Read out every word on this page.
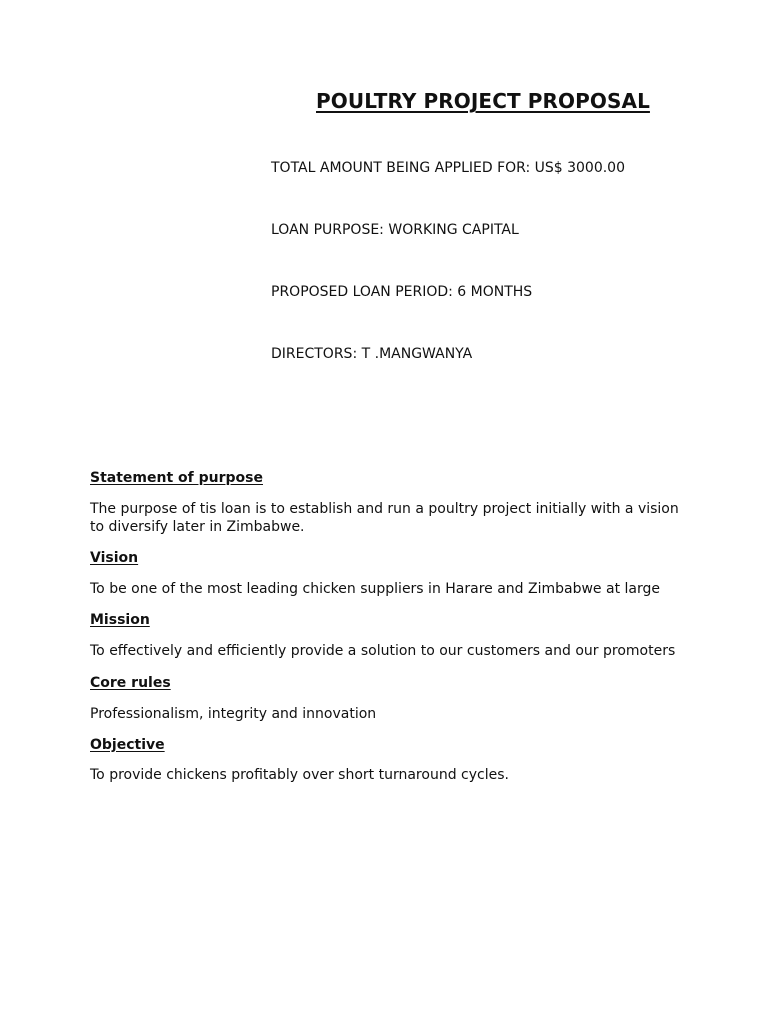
POULTRY PROJECT PROPOSAL

TOTAL AMOUNT BEING APPLIED FOR: US$ 3000.00

LOAN PURPOSE: WORKING CAPITAL

PROPOSED LOAN PERIOD: 6 MONTHS

DIRECTORS: T .MANGWANYA

Statement of purpose

The purpose of tis loan is to establish and run a poultry project initially with a vision

to diversify later in Zimbabwe.

Vision

To be one of the most leading chicken suppliers in Harare and Zimbabwe at large

Mission

To effectively and efficiently provide a solution to our customers and our promoters

Core rules

Professionalism, integrity and innovation

Objective

To provide chickens profitably over short turnaround cycles.
